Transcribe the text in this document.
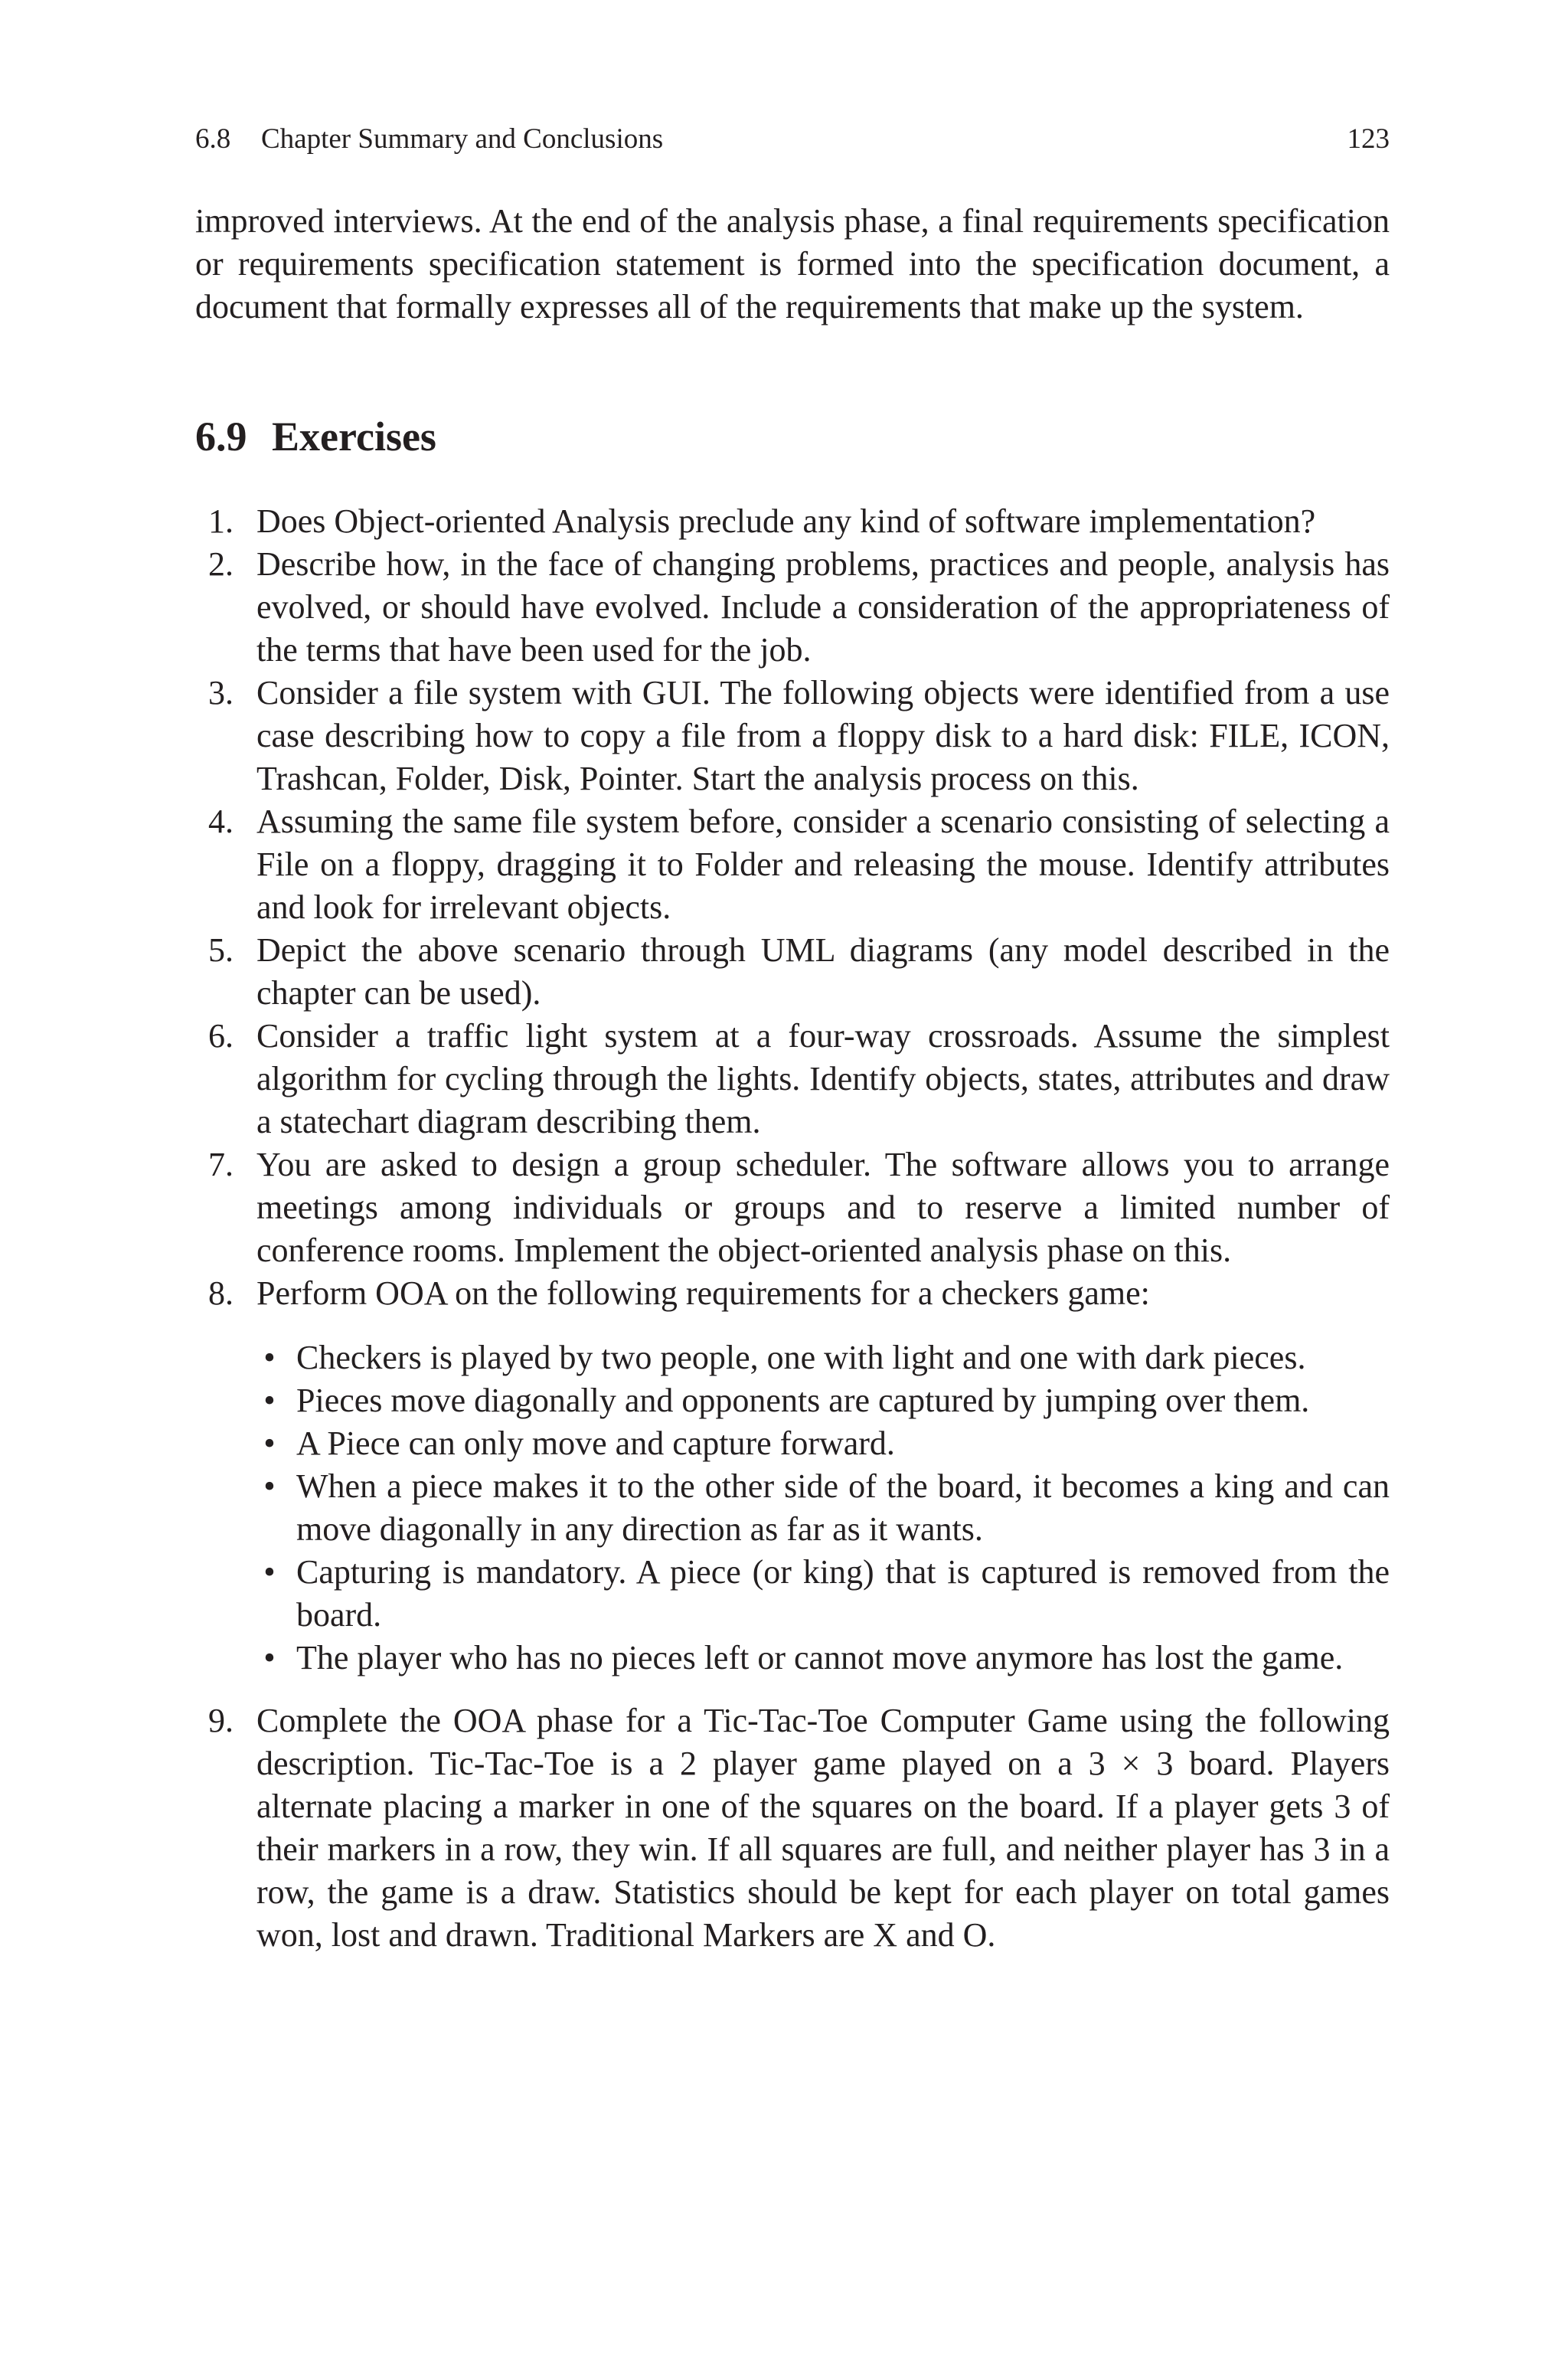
6.8 Chapter Summary and Conclusions	123

improved interviews. At the end of the analysis phase, a final requirements specification or requirements specification statement is formed into the specification document, a document that formally expresses all of the requirements that make up the system.

6.9 Exercises
1. Does Object-oriented Analysis preclude any kind of software implementation?
2. Describe how, in the face of changing problems, practices and people, analysis has evolved, or should have evolved. Include a consideration of the appropriateness of the terms that have been used for the job.
3. Consider a file system with GUI. The following objects were identified from a use case describing how to copy a file from a floppy disk to a hard disk: FILE, ICON, Trashcan, Folder, Disk, Pointer. Start the analysis process on this.
4. Assuming the same file system before, consider a scenario consisting of selecting a File on a floppy, dragging it to Folder and releasing the mouse. Identify attributes and look for irrelevant objects.
5. Depict the above scenario through UML diagrams (any model described in the chapter can be used).
6. Consider a traffic light system at a four-way crossroads. Assume the simplest algorithm for cycling through the lights. Identify objects, states, attributes and draw a statechart diagram describing them.
7. You are asked to design a group scheduler. The software allows you to arrange meetings among individuals or groups and to reserve a limited number of conference rooms. Implement the object-oriented analysis phase on this.
8. Perform OOA on the following requirements for a checkers game:
• Checkers is played by two people, one with light and one with dark pieces.
• Pieces move diagonally and opponents are captured by jumping over them.
• A Piece can only move and capture forward.
• When a piece makes it to the other side of the board, it becomes a king and can move diagonally in any direction as far as it wants.
• Capturing is mandatory. A piece (or king) that is captured is removed from the board.
• The player who has no pieces left or cannot move anymore has lost the game.
9. Complete the OOA phase for a Tic-Tac-Toe Computer Game using the following description. Tic-Tac-Toe is a 2 player game played on a 3 × 3 board. Players alternate placing a marker in one of the squares on the board. If a player gets 3 of their markers in a row, they win. If all squares are full, and neither player has 3 in a row, the game is a draw. Statistics should be kept for each player on total games won, lost and drawn. Traditional Markers are X and O.
